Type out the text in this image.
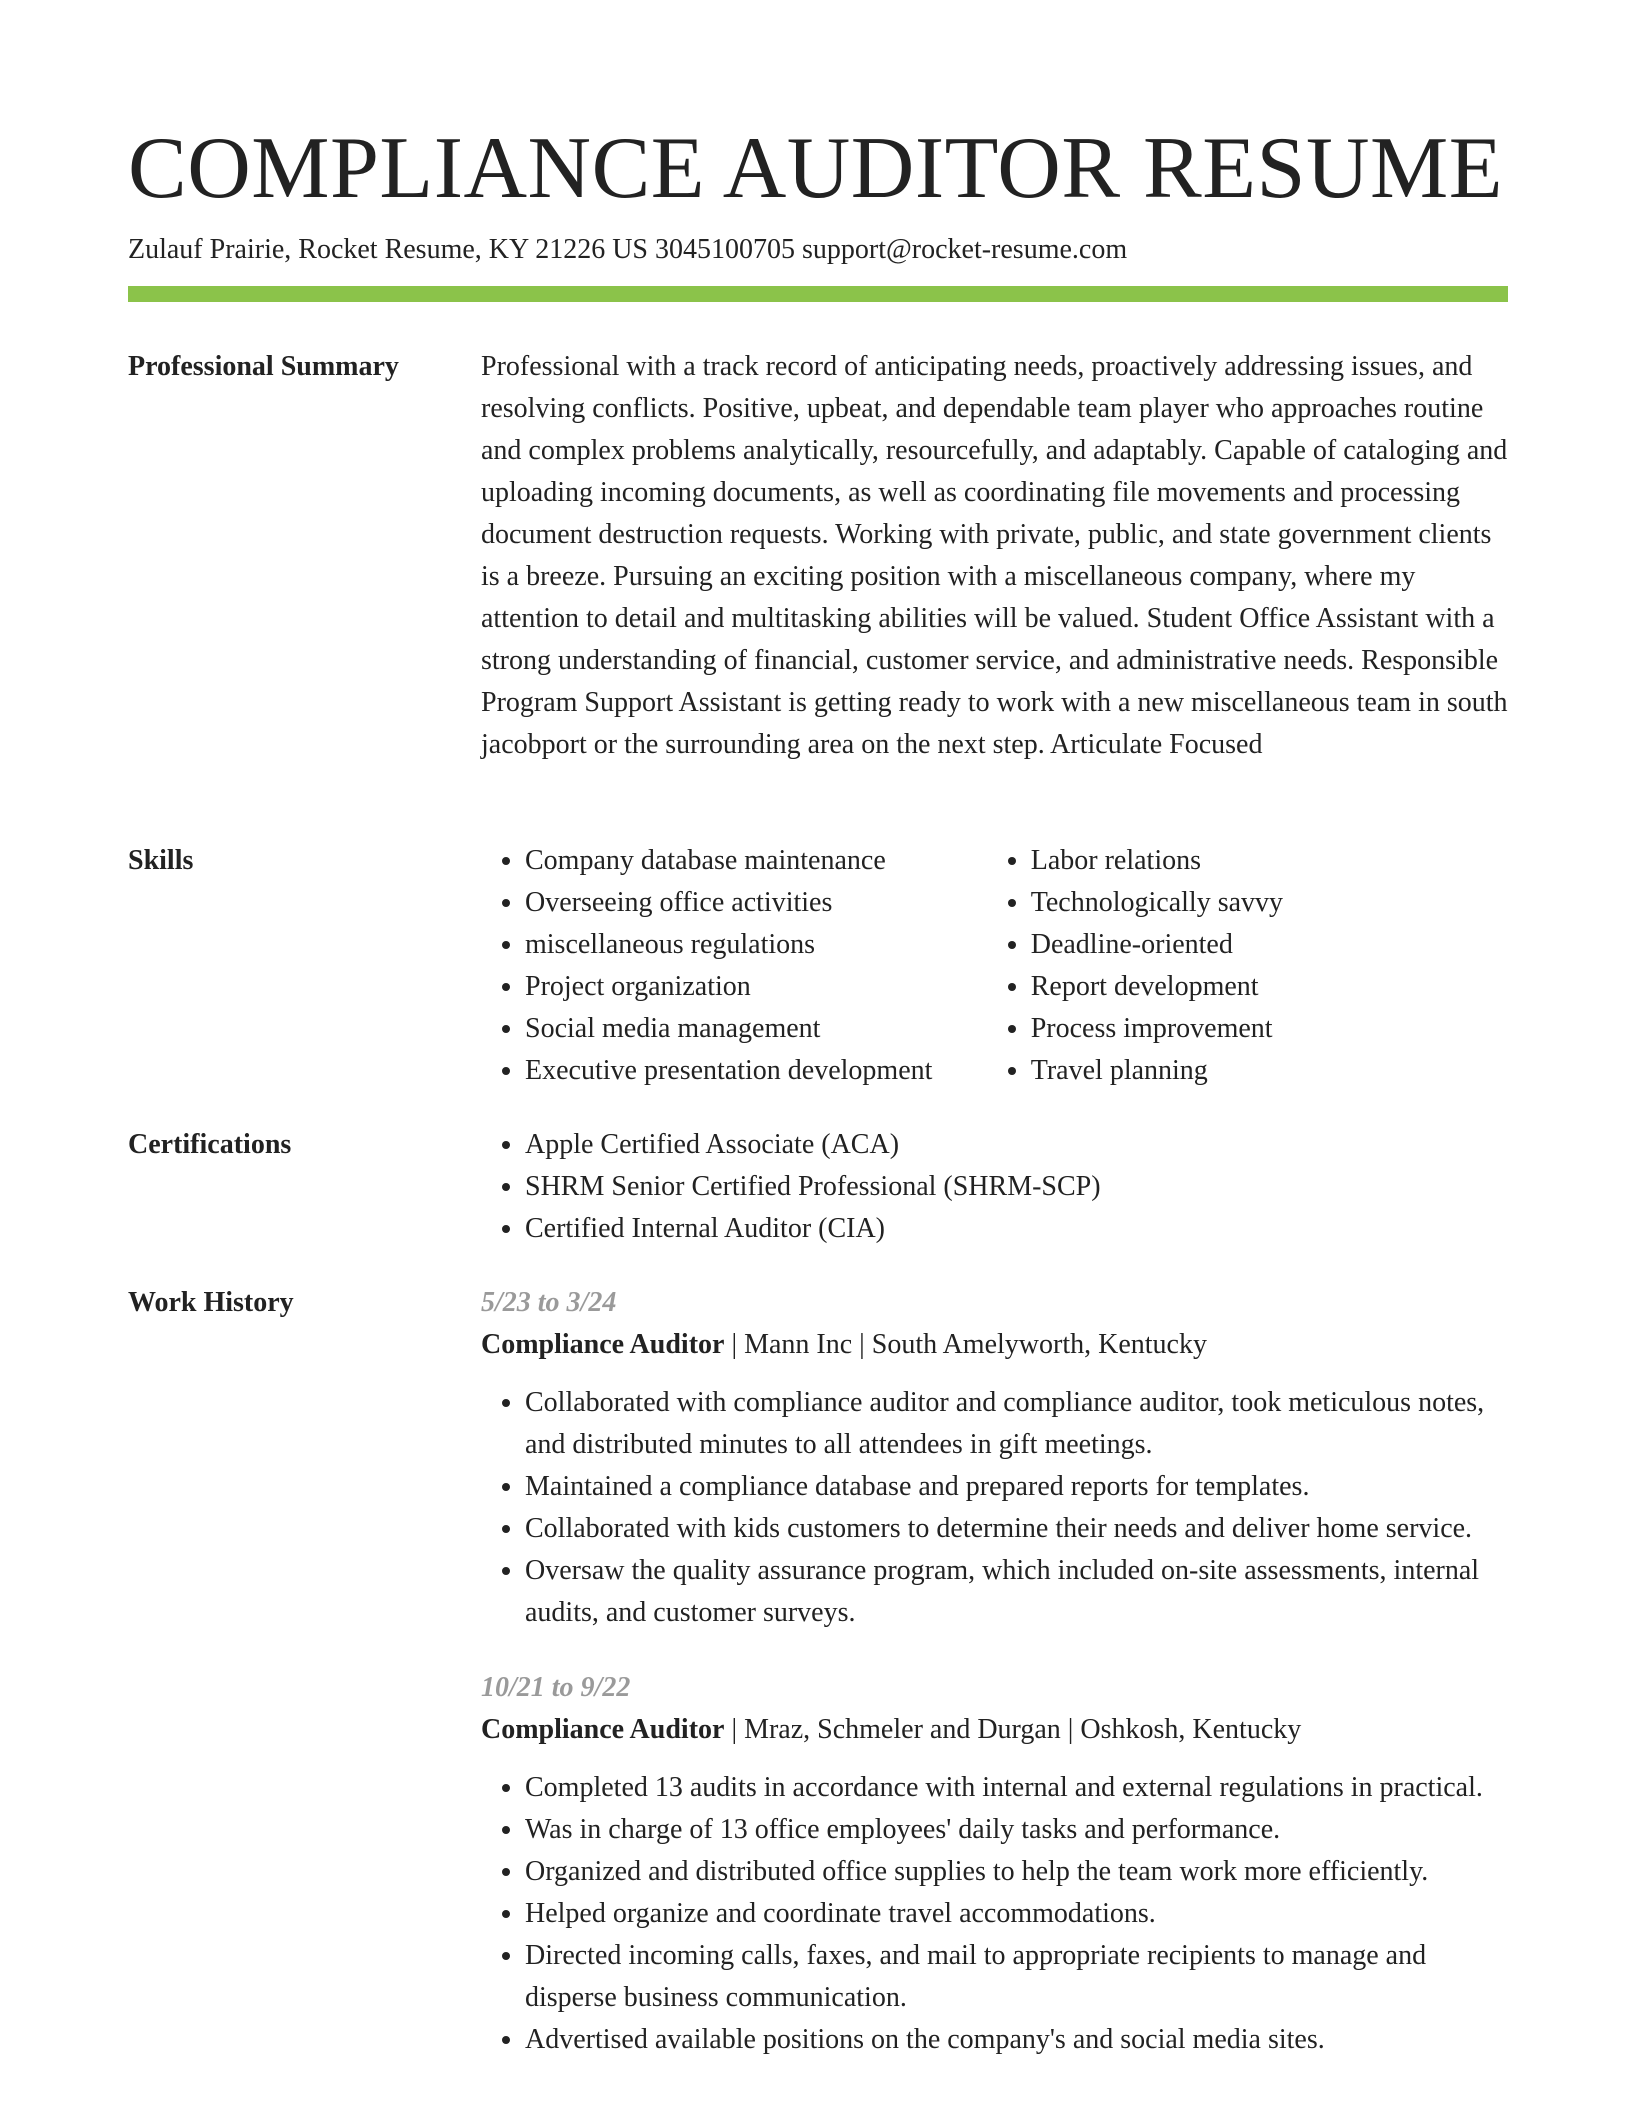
COMPLIANCE AUDITOR RESUME
Zulauf Prairie, Rocket Resume, KY 21226 US 3045100705 support@rocket-resume.com
Professional Summary	Professional with a track record of anticipating needs, proactively addressing issues, and resolving conflicts. Positive, upbeat, and dependable team player who approaches routine and complex problems analytically, resourcefully, and adaptably. Capable of cataloging and uploading incoming documents, as well as coordinating file movements and processing document destruction requests. Working with private, public, and state government clients is a breeze. Pursuing an exciting position with a miscellaneous company, where my attention to detail and multitasking abilities will be valued. Student Office Assistant with a strong understanding of financial, customer service, and administrative needs. Responsible Program Support Assistant is getting ready to work with a new miscellaneous team in south jacobport or the surrounding area on the next step. Articulate Focused

Skills	• Company database maintenance
• Overseeing office activities
• miscellaneous regulations
• Project organization
• Social media management
• Executive presentation development
• Labor relations
• Technologically savvy
• Deadline-oriented
• Report development
• Process improvement
• Travel planning
Certifications	• Apple Certified Associate (ACA)
• SHRM Senior Certified Professional (SHRM-SCP)
• Certified Internal Auditor (CIA)
Work History	5/23 to 3/24
Compliance Auditor | Mann Inc | South Amelyworth, Kentucky
• Collaborated with compliance auditor and compliance auditor, took meticulous notes, and distributed minutes to all attendees in gift meetings.
• Maintained a compliance database and prepared reports for templates.
• Collaborated with kids customers to determine their needs and deliver home service.
• Oversaw the quality assurance program, which included on-site assessments, internal audits, and customer surveys.
10/21 to 9/22
Compliance Auditor | Mraz, Schmeler and Durgan | Oshkosh, Kentucky
• Completed 13 audits in accordance with internal and external regulations in practical.
• Was in charge of 13 office employees' daily tasks and performance.
• Organized and distributed office supplies to help the team work more efficiently.
• Helped organize and coordinate travel accommodations.
• Directed incoming calls, faxes, and mail to appropriate recipients to manage and disperse business communication.
• Advertised available positions on the company's and social media sites.
